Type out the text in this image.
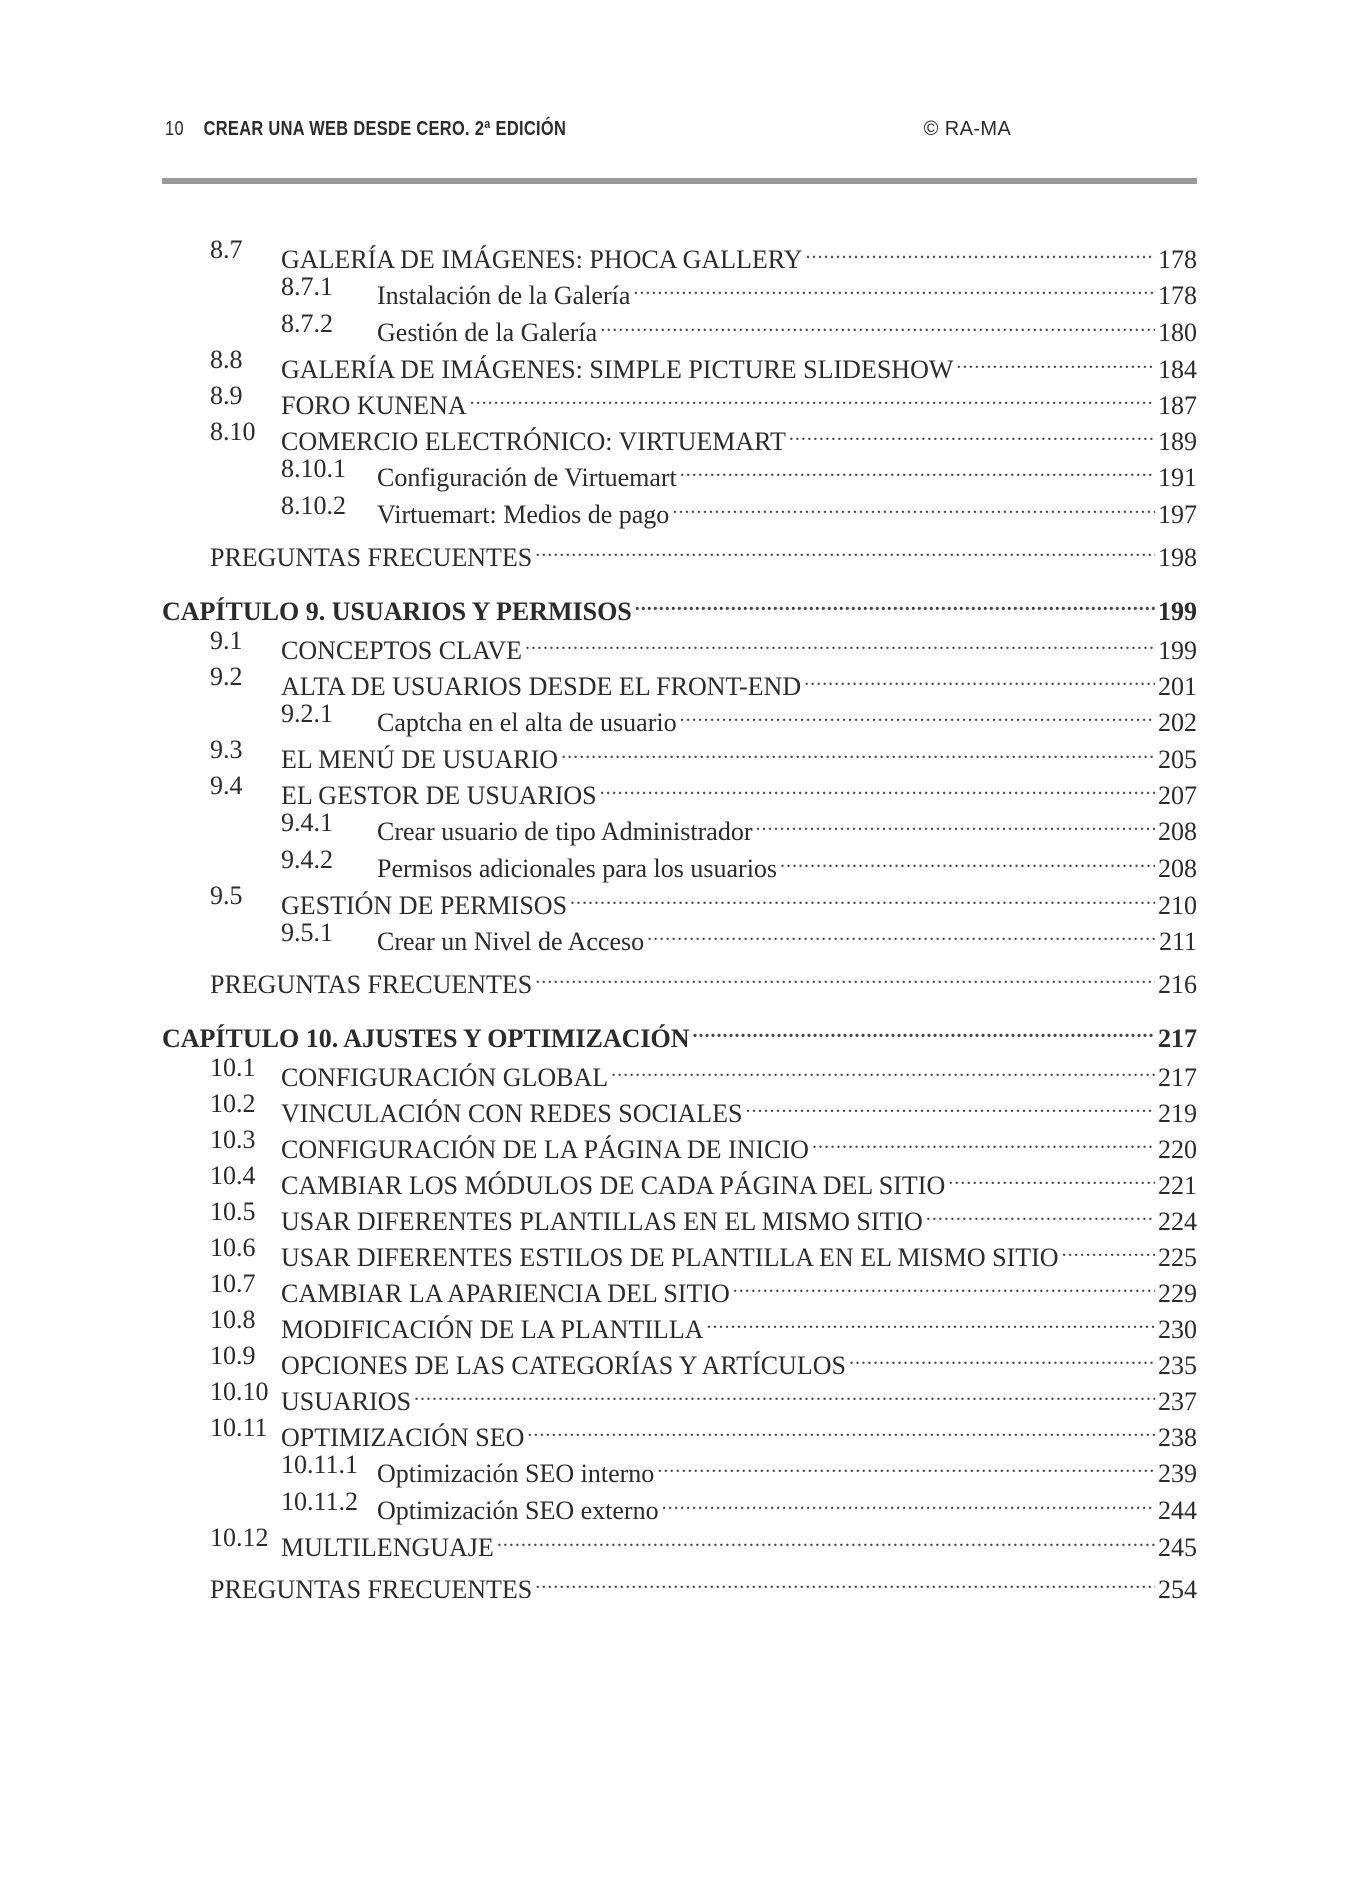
10 CREAR UNA WEB DESDE CERO. 2ª EDICIÓN	© RA-MA
8.7 GALERÍA DE IMÁGENES: PHOCA GALLERY .....	178
8.7.1 Instalación de la Galería .....	178
8.7.2 Gestión de la Galería .....	180
8.8 GALERÍA DE IMÁGENES: SIMPLE PICTURE SLIDESHOW .....	184
8.9 FORO KUNENA .....	187
8.10 COMERCIO ELECTRÓNICO: VIRTUEMART .....	189
8.10.1 Configuración de Virtuemart .....	191
8.10.2 Virtuemart: Medios de pago .....	197
PREGUNTAS FRECUENTES .....	198
CAPÍTULO 9. USUARIOS Y PERMISOS .....	199
9.1 CONCEPTOS CLAVE .....	199
9.2 ALTA DE USUARIOS DESDE EL FRONT-END .....	201
9.2.1 Captcha en el alta de usuario .....	202
9.3 EL MENÚ DE USUARIO .....	205
9.4 EL GESTOR DE USUARIOS .....	207
9.4.1 Crear usuario de tipo Administrador .....	208
9.4.2 Permisos adicionales para los usuarios .....	208
9.5 GESTIÓN DE PERMISOS .....	210
9.5.1 Crear un Nivel de Acceso .....	211
PREGUNTAS FRECUENTES .....	216
CAPÍTULO 10. AJUSTES Y OPTIMIZACIÓN .....	217
10.1 CONFIGURACIÓN GLOBAL .....	217
10.2 VINCULACIÓN CON REDES SOCIALES .....	219
10.3 CONFIGURACIÓN DE LA PÁGINA DE INICIO .....	220
10.4 CAMBIAR LOS MÓDULOS DE CADA PÁGINA DEL SITIO .....	221
10.5 USAR DIFERENTES PLANTILLAS EN EL MISMO SITIO .....	224
10.6 USAR DIFERENTES ESTILOS DE PLANTILLA EN EL MISMO SITIO .....	225
10.7 CAMBIAR LA APARIENCIA DEL SITIO .....	229
10.8 MODIFICACIÓN DE LA PLANTILLA .....	230
10.9 OPCIONES DE LAS CATEGORÍAS Y ARTÍCULOS .....	235
10.10 USUARIOS .....	237
10.11 OPTIMIZACIÓN SEO .....	238
10.11.1 Optimización SEO interno .....	239
10.11.2 Optimización SEO externo .....	244
10.12 MULTILENGUAJE .....	245
PREGUNTAS FRECUENTES .....	254
